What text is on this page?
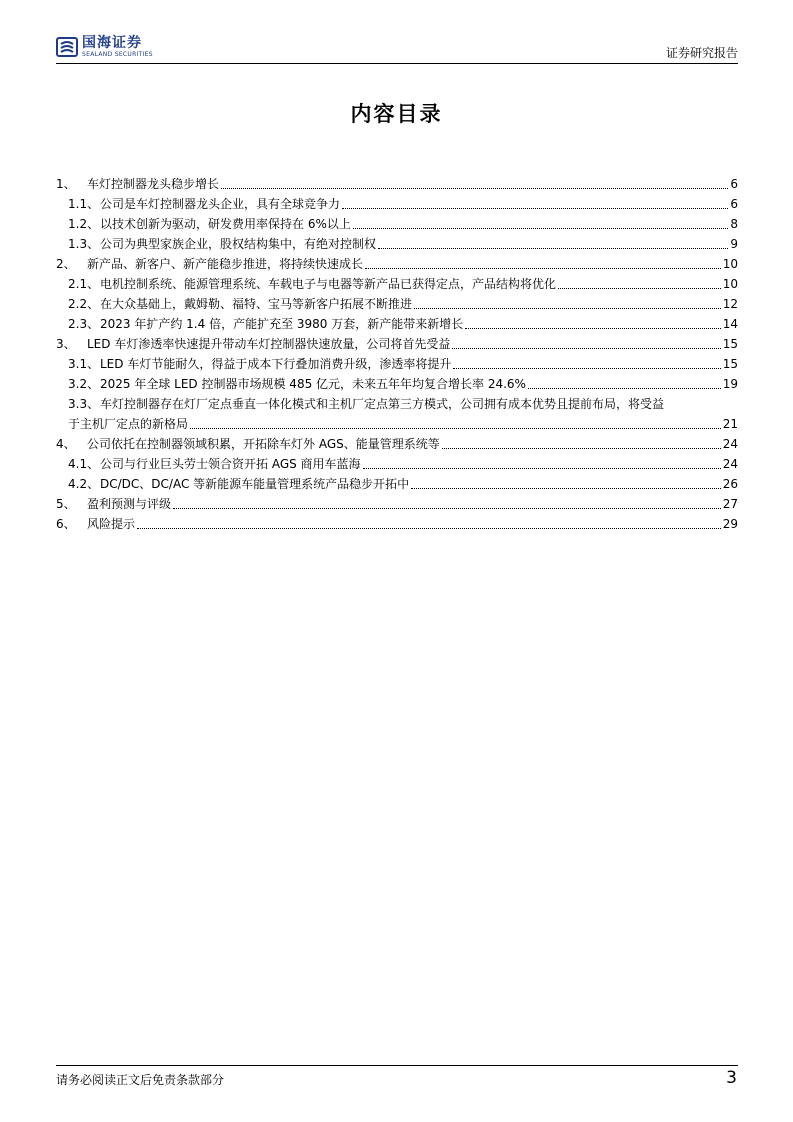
国海证券
SEALAND SECURITIES	证券研究报告
内容目录
1、 车灯控制器龙头稳步增长	6
1.1、 公司是车灯控制器龙头企业，具有全球竞争力	6
1.2、 以技术创新为驱动，研发费用率保持在 6%以上	8
1.3、 公司为典型家族企业，股权结构集中，有绝对控制权	9
2、 新产品、新客户、新产能稳步推进，将持续快速成长	10
2.1、 电机控制系统、能源管理系统、车载电子与电器等新产品已获得定点，产品结构将优化	10
2.2、 在大众基础上，戴姆勒、福特、宝马等新客户拓展不断推进	12
2.3、 2023 年扩产约 1.4 倍，产能扩充至 3980 万套，新产能带来新增长	14
3、 LED 车灯渗透率快速提升带动车灯控制器快速放量，公司将首先受益	15
3.1、 LED 车灯节能耐久，得益于成本下行叠加消费升级，渗透率将提升	15
3.2、 2025 年全球 LED 控制器市场规模 485 亿元，未来五年年均复合增长率 24.6%	19
3.3、 车灯控制器存在灯厂定点垂直一体化模式和主机厂定点第三方模式，公司拥有成本优势且提前布局，将受益
于主机厂定点的新格局	21
4、 公司依托在控制器领域积累，开拓除车灯外 AGS、能量管理系统等	24
4.1、 公司与行业巨头劳士领合资开拓 AGS 商用车蓝海	24
4.2、 DC/DC、DC/AC 等新能源车能量管理系统产品稳步开拓中	26
5、 盈利预测与评级	27
6、 风险提示	29
请务必阅读正文后免责条款部分	3
